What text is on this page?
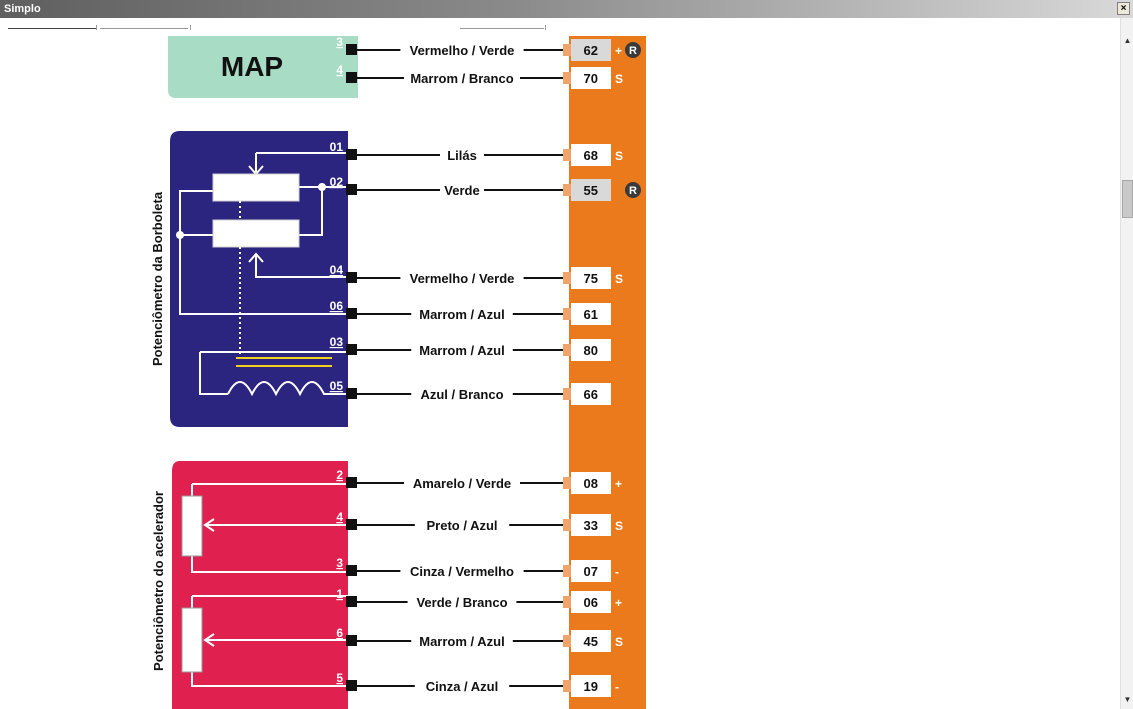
Simplo	×
▲
▼
MAP
Potenciômetro da Borboleta
Potenciômetro do acelerador
3
Vermelho / Verde	62 + R
4
Marrom / Branco	70 S
01
Lilás	68 S
02
Verde	55	R
04
Vermelho / Verde	75 S
06
Marrom / Azul	61
03
Marrom / Azul	80
05
Azul / Branco	66
2
Amarelo / Verde	08 +
4
Preto / Azul	33 S
3
Cinza / Vermelho	07 -
1
Verde / Branco	06 +
6
Marrom / Azul	45 S
5
Cinza / Azul	19 -
